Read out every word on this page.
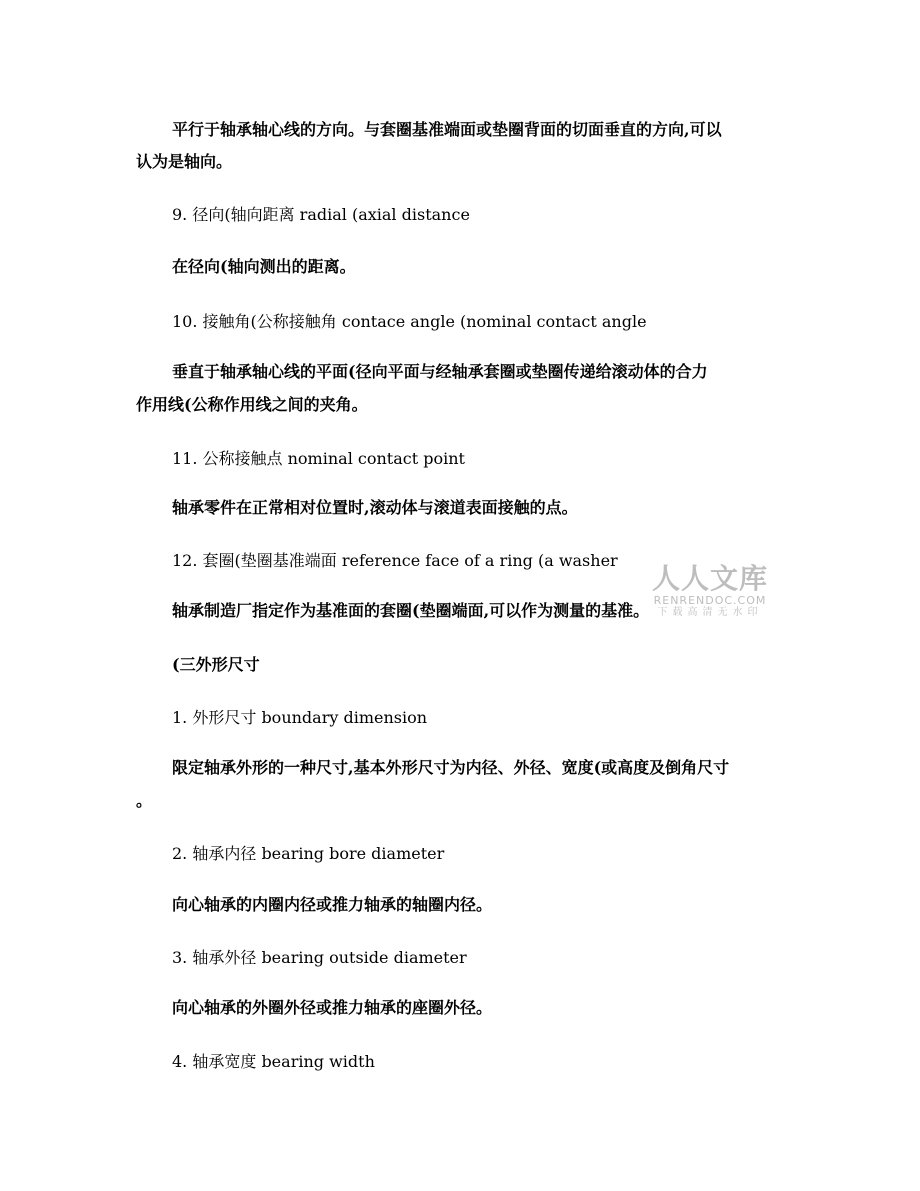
平行于轴承轴心线的方向。与套圈基准端面或垫圈背面的切面垂直的方向,可以
认为是轴向。
9. 径向(轴向距离 radial (axial distance
在径向(轴向测出的距离。
10. 接触角(公称接触角 contace angle (nominal contact angle
垂直于轴承轴心线的平面(径向平面与经轴承套圈或垫圈传递给滚动体的合力
作用线(公称作用线之间的夹角。
11. 公称接触点 nominal contact point
轴承零件在正常相对位置时,滚动体与滚道表面接触的点。
12. 套圈(垫圈基准端面 reference face of a ring (a washer
轴承制造厂指定作为基准面的套圈(垫圈端面,可以作为测量的基准。
(三外形尺寸
1. 外形尺寸 boundary dimension
限定轴承外形的一种尺寸,基本外形尺寸为内径、外径、宽度(或高度及倒角尺寸
。
2. 轴承内径 bearing bore diameter
向心轴承的内圈内径或推力轴承的轴圈内径。
3. 轴承外径 bearing outside diameter
向心轴承的外圈外径或推力轴承的座圈外径。
4. 轴承宽度 bearing width
人人文库
RENRENDOC.COM
下载高清无水印
